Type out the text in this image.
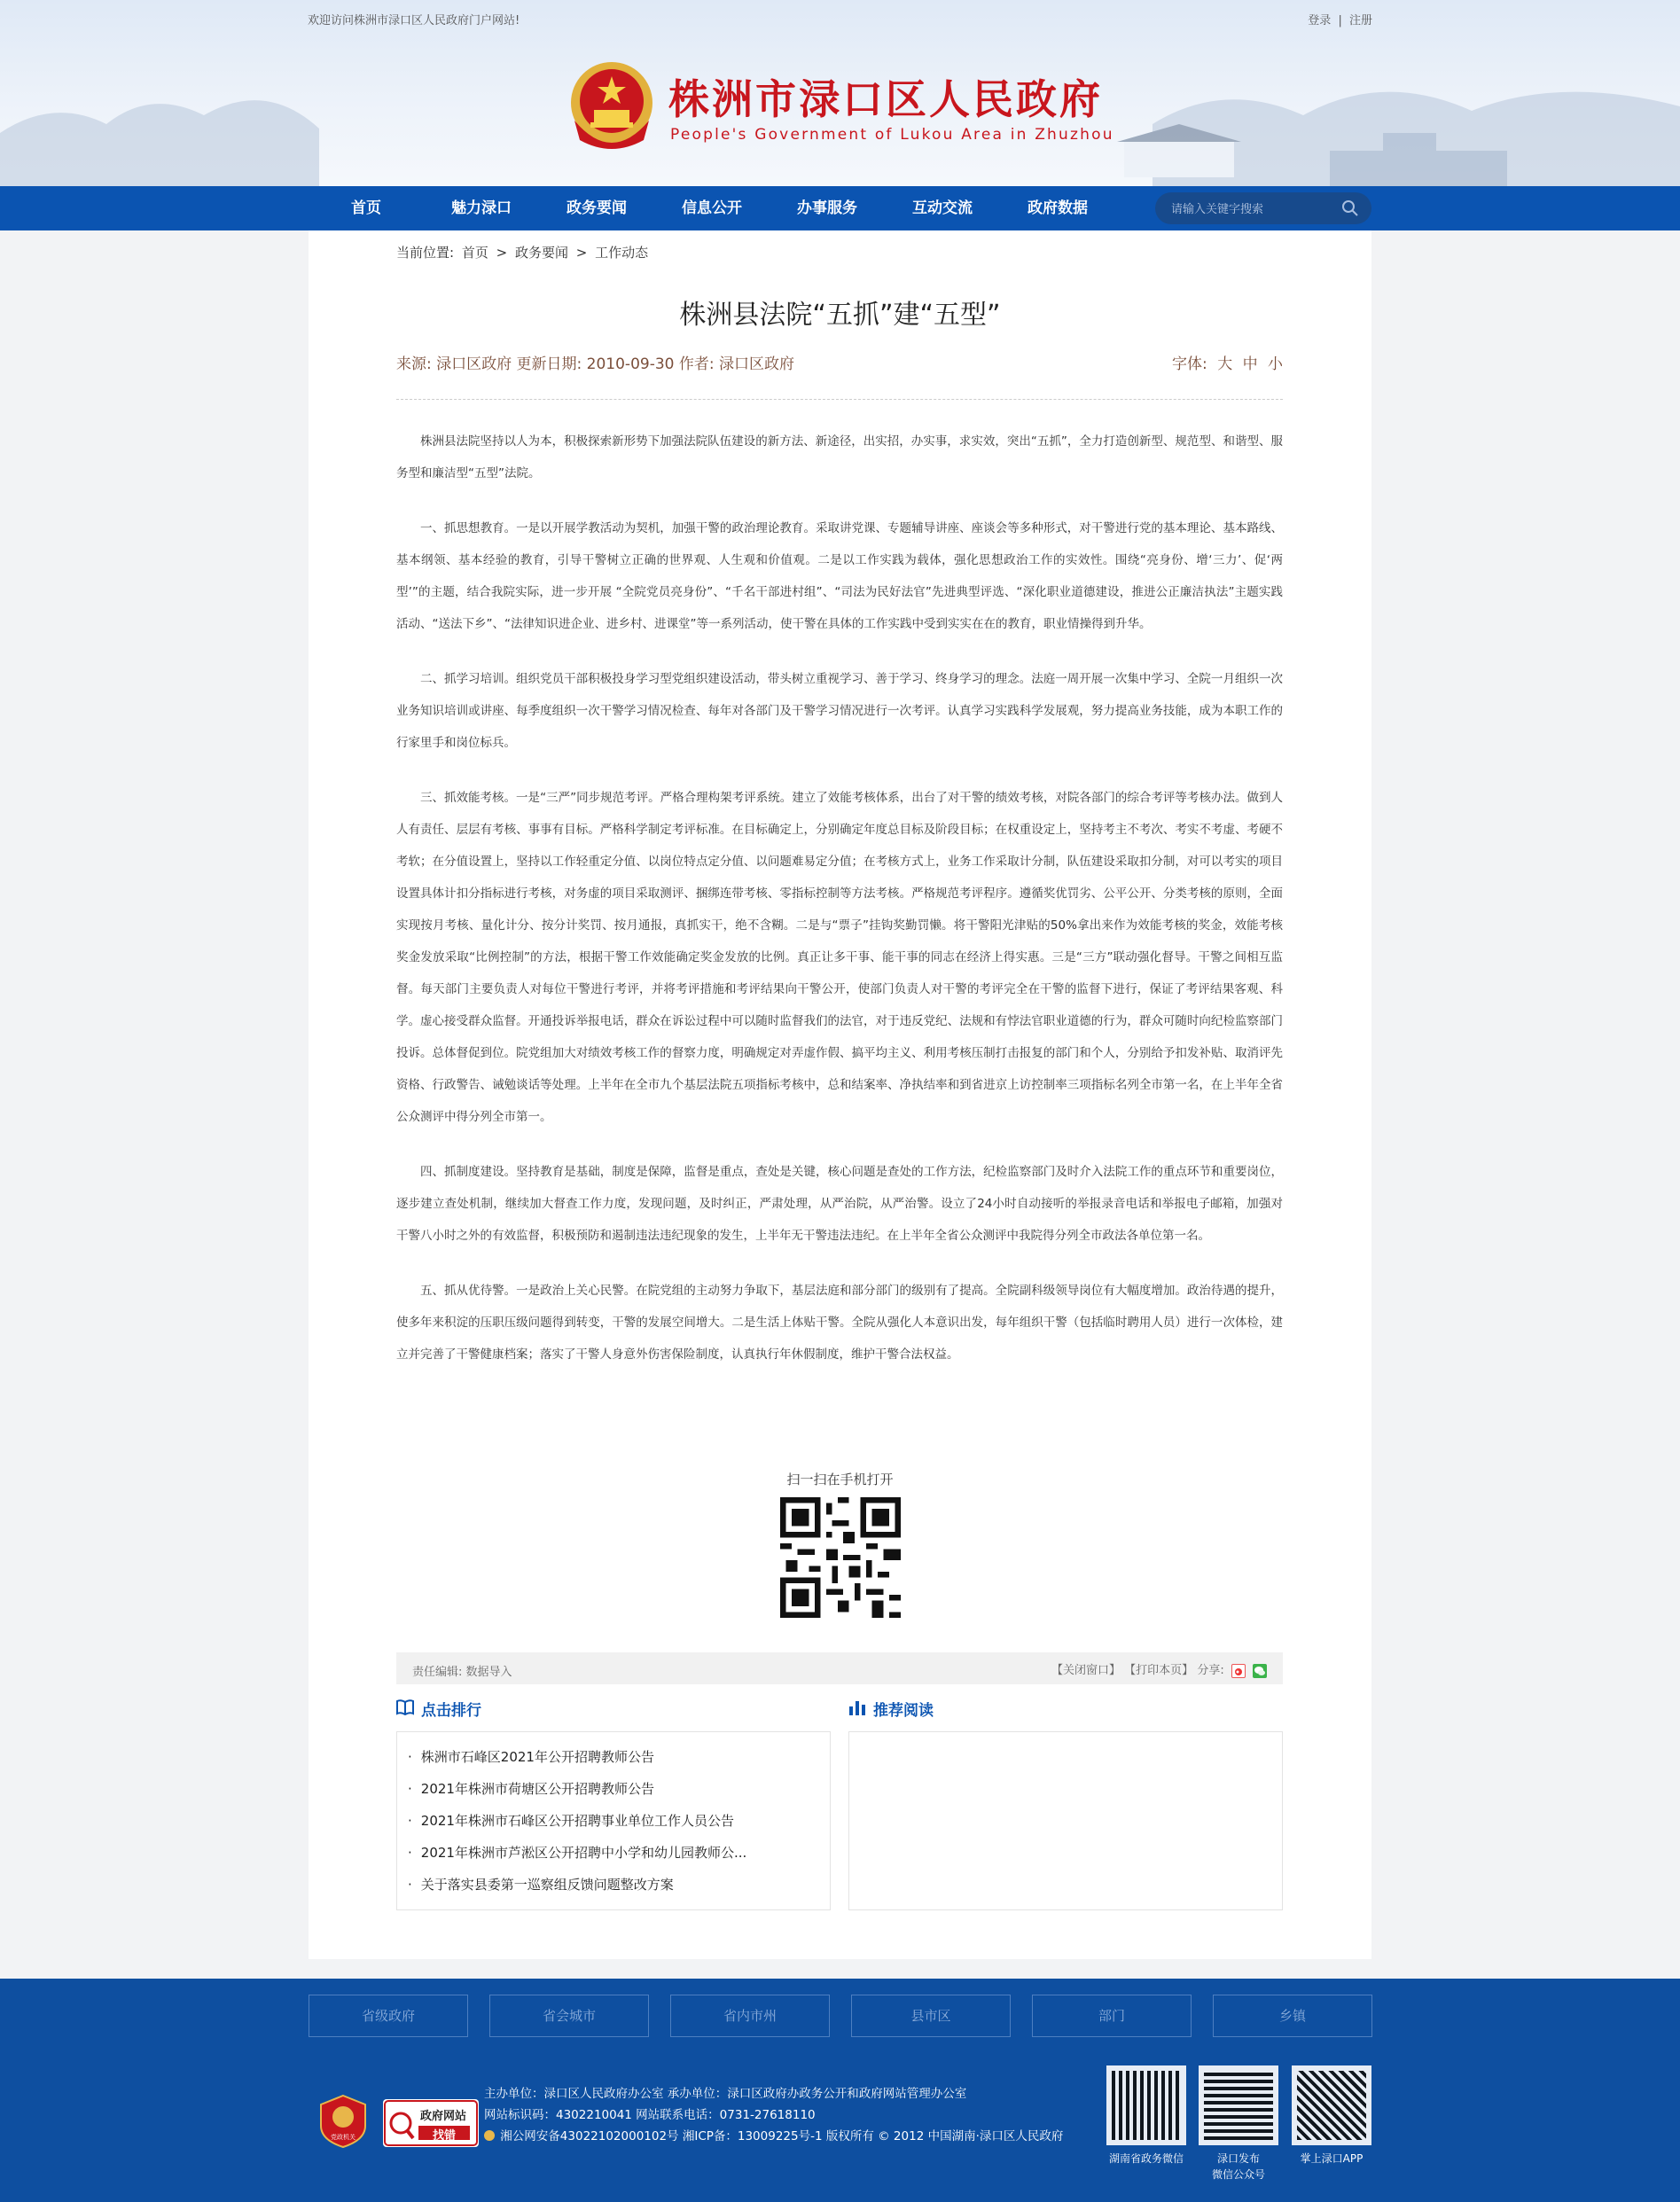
欢迎访问株洲市渌口区人民政府门户网站!	登录 | 注册
株洲市渌口区人民政府
People's Government of Lukou Area in Zhuzhou
首页	魅力渌口	政务要闻	信息公开	办事服务	互动交流	政府数据
请输入关键字搜索
当前位置: 首页 > 政务要闻 > 工作动态
株洲县法院“五抓”建“五型”
来源: 渌口区政府 更新日期: 2010-09-30 作者: 渌口区政府	字体: 大 中 小

株洲县法院坚持以人为本，积极探索新形势下加强法院队伍建设的新方法、新途径，出实招，办实事，求实效，突出“五抓”，全力打造创新型、规范型、和谐型、服务型和廉洁型“五型”法院。

一、抓思想教育。一是以开展学教活动为契机，加强干警的政治理论教育。采取讲党课、专题辅导讲座、座谈会等多种形式，对干警进行党的基本理论、基本路线、基本纲领、基本经验的教育，引导干警树立正确的世界观、人生观和价值观。二是以工作实践为载体，强化思想政治工作的实效性。围绕“亮身份、增‘三力’、促‘两型’”的主题，结合我院实际，进一步开展 “全院党员亮身份”、“千名干部进村组”、“司法为民好法官”先进典型评选、“深化职业道德建设，推进公正廉洁执法”主题实践活动、“送法下乡”、“法律知识进企业、进乡村、进课堂”等一系列活动，使干警在具体的工作实践中受到实实在在的教育，职业情操得到升华。

二、抓学习培训。组织党员干部积极投身学习型党组织建设活动，带头树立重视学习、善于学习、终身学习的理念。法庭一周开展一次集中学习、全院一月组织一次业务知识培训或讲座、每季度组织一次干警学习情况检查、每年对各部门及干警学习情况进行一次考评。认真学习实践科学发展观，努力提高业务技能，成为本职工作的行家里手和岗位标兵。

三、抓效能考核。一是“三严”同步规范考评。严格合理构架考评系统。建立了效能考核体系，出台了对干警的绩效考核，对院各部门的综合考评等考核办法。做到人人有责任、层层有考核、事事有目标。严格科学制定考评标准。在目标确定上，分别确定年度总目标及阶段目标；在权重设定上，坚持考主不考次、考实不考虚、考硬不考软；在分值设置上，坚持以工作轻重定分值、以岗位特点定分值、以问题难易定分值；在考核方式上，业务工作采取计分制，队伍建设采取扣分制，对可以考实的项目设置具体计扣分指标进行考核，对务虚的项目采取测评、捆绑连带考核、零指标控制等方法考核。严格规范考评程序。遵循奖优罚劣、公平公开、分类考核的原则，全面实现按月考核、量化计分、按分计奖罚、按月通报，真抓实干，绝不含糊。二是与“票子”挂钩奖勤罚懒。将干警阳光津贴的50%拿出来作为效能考核的奖金，效能考核奖金发放采取“比例控制”的方法，根据干警工作效能确定奖金发放的比例。真正让多干事、能干事的同志在经济上得实惠。三是“三方”联动强化督导。干警之间相互监督。每天部门主要负责人对每位干警进行考评，并将考评措施和考评结果向干警公开，使部门负责人对干警的考评完全在干警的监督下进行，保证了考评结果客观、科学。虚心接受群众监督。开通投诉举报电话，群众在诉讼过程中可以随时监督我们的法官，对于违反党纪、法规和有悖法官职业道德的行为，群众可随时向纪检监察部门投诉。总体督促到位。院党组加大对绩效考核工作的督察力度，明确规定对弄虚作假、搞平均主义、利用考核压制打击报复的部门和个人，分别给予扣发补贴、取消评先资格、行政警告、诫勉谈话等处理。上半年在全市九个基层法院五项指标考核中，总和结案率、净执结率和到省进京上访控制率三项指标名列全市第一名，在上半年全省公众测评中得分列全市第一。

四、抓制度建设。坚持教育是基础，制度是保障，监督是重点，查处是关键，核心问题是查处的工作方法，纪检监察部门及时介入法院工作的重点环节和重要岗位，逐步建立查处机制，继续加大督查工作力度，发现问题，及时纠正，严肃处理，从严治院，从严治警。设立了24小时自动接听的举报录音电话和举报电子邮箱，加强对干警八小时之外的有效监督，积极预防和遏制违法违纪现象的发生，上半年无干警违法违纪。在上半年全省公众测评中我院得分列全市政法各单位第一名。

五、抓从优待警。一是政治上关心民警。在院党组的主动努力争取下，基层法庭和部分部门的级别有了提高。全院副科级领导岗位有大幅度增加。政治待遇的提升，使多年来积淀的压职压级问题得到转变，干警的发展空间增大。二是生活上体贴干警。全院从强化人本意识出发，每年组织干警（包括临时聘用人员）进行一次体检，建立并完善了干警健康档案；落实了干警人身意外伤害保险制度，认真执行年休假制度，维护干警合法权益。

扫一扫在手机打开
责任编辑: 数据导入	【关闭窗口】 【打印本页】 分享:
点击排行
· 株洲市石峰区2021年公开招聘教师公告
· 2021年株洲市荷塘区公开招聘教师公告
· 2021年株洲市石峰区公开招聘事业单位工作人员公告
· 2021年株洲市芦淞区公开招聘中小学和幼儿园教师公...
· 关于落实县委第一巡察组反馈问题整改方案
推荐阅读
省级政府	省会城市	省内市州	县市区	部门	乡镇
党政机关
政府网站
找错
主办单位：渌口区人民政府办公室 承办单位：渌口区政府办政务公开和政府网站管理办公室
网站标识码：4302210041 网站联系电话：0731-27618110
湘公网安备43022102000102号 湘ICP备：13009225号-1 版权所有 © 2012 中国湖南·渌口区人民政府
湖南省政务微信	渌口发布
微信公众号
掌上渌口APP
